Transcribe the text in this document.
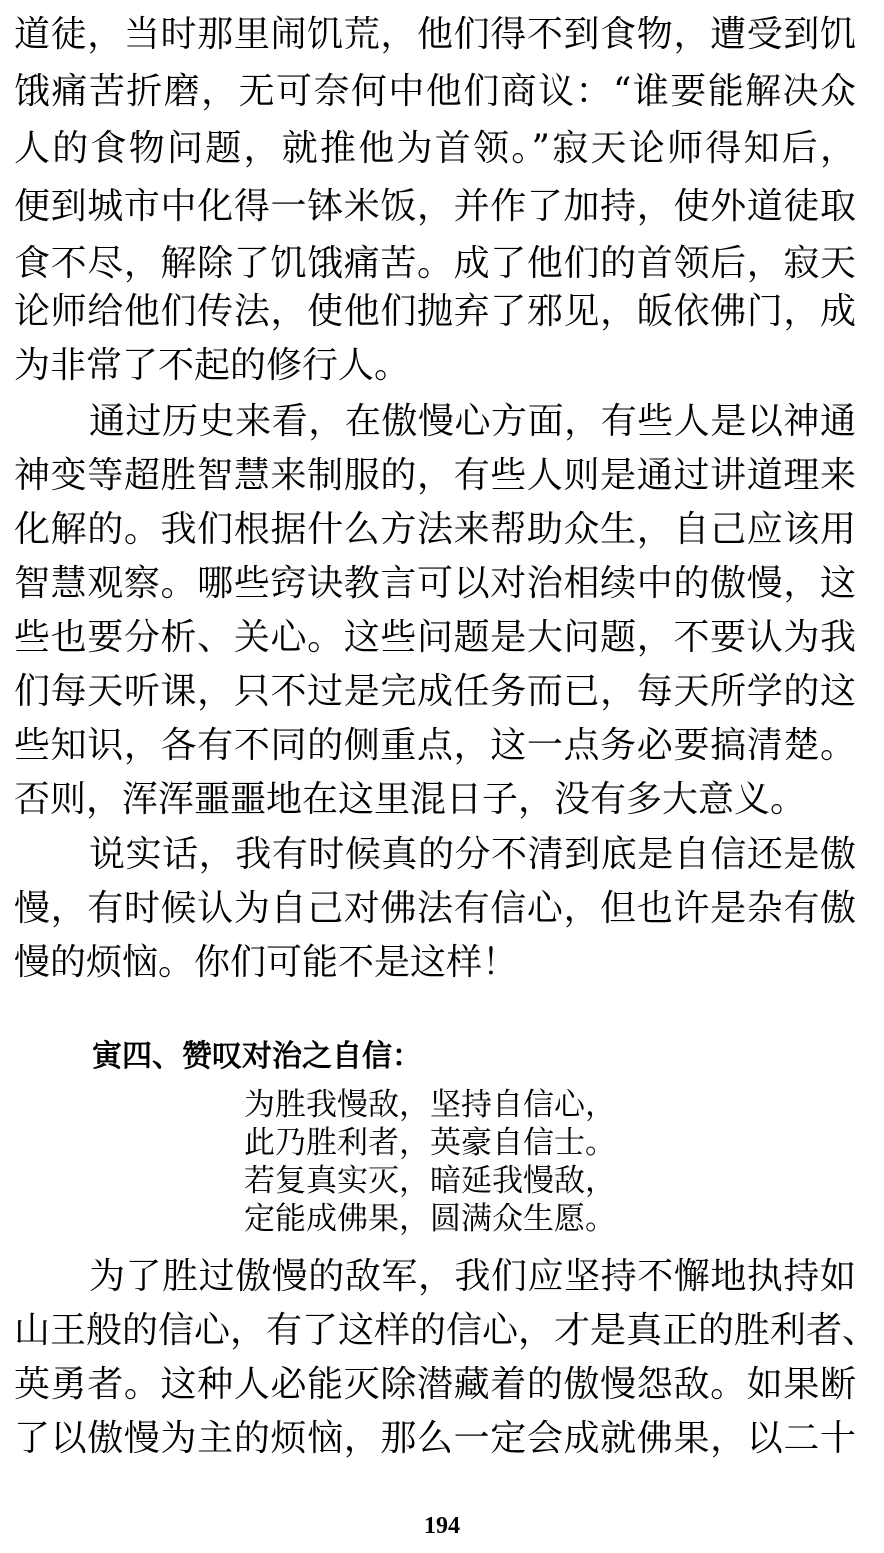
道徒，当时那里闹饥荒，他们得不到食物，遭受到饥
饿痛苦折磨，无可奈何中他们商议：“谁要能解决众
人的食物问题，就推他为首领。”寂天论师得知后，
便到城市中化得一钵米饭，并作了加持，使外道徒取
食不尽，解除了饥饿痛苦。成了他们的首领后，寂天
论师给他们传法，使他们抛弃了邪见，皈依佛门，成
为非常了不起的修行人。
通过历史来看，在傲慢心方面，有些人是以神通
神变等超胜智慧来制服的，有些人则是通过讲道理来
化解的。我们根据什么方法来帮助众生，自己应该用
智慧观察。哪些窍诀教言可以对治相续中的傲慢，这
些也要分析、关心。这些问题是大问题，不要认为我
们每天听课，只不过是完成任务而已，每天所学的这
些知识，各有不同的侧重点，这一点务必要搞清楚。
否则，浑浑噩噩地在这里混日子，没有多大意义。
说实话，我有时候真的分不清到底是自信还是傲
慢，有时候认为自己对佛法有信心，但也许是杂有傲
慢的烦恼。你们可能不是这样！
寅四、赞叹对治之自信：
为胜我慢敌，坚持自信心，
此乃胜利者，英豪自信士。
若复真实灭，暗延我慢敌，
定能成佛果，圆满众生愿。
为了胜过傲慢的敌军，我们应坚持不懈地执持如
山王般的信心，有了这样的信心，才是真正的胜利者、
英勇者。这种人必能灭除潜藏着的傲慢怨敌。如果断
了以傲慢为主的烦恼，那么一定会成就佛果，以二十
194
